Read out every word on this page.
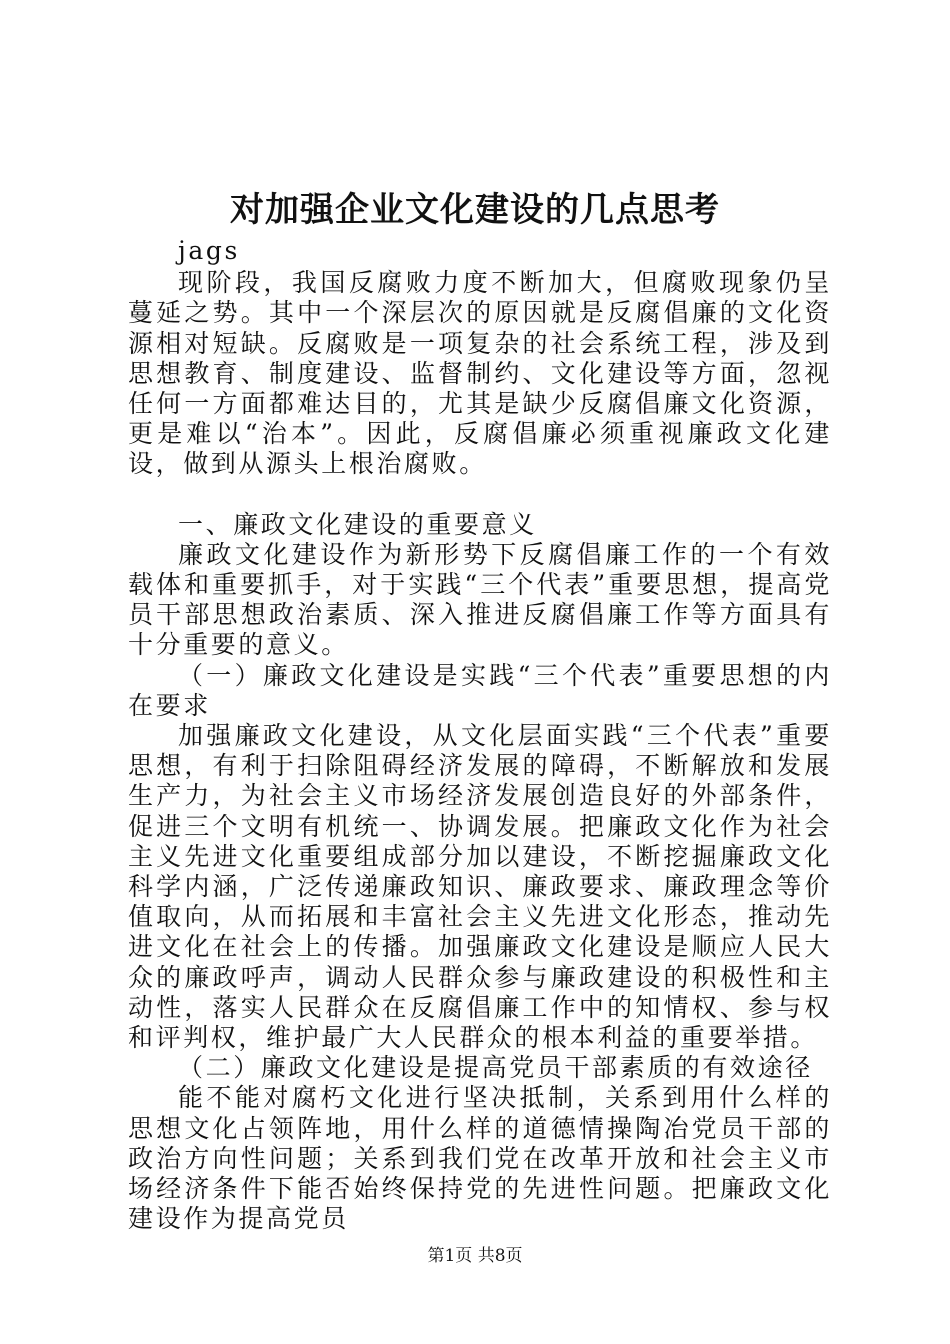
对加强企业文化建设的几点思考

jags

现阶段，我国反腐败力度不断加大，但腐败现象仍呈蔓延之势。其中一个深层次的原因就是反腐倡廉的文化资源相对短缺。反腐败是一项复杂的社会系统工程，涉及到思想教育、制度建设、监督制约、文化建设等方面，忽视任何一方面都难达目的，尤其是缺少反腐倡廉文化资源，更是难以“治本”。因此，反腐倡廉必须重视廉政文化建设，做到从源头上根治腐败。

一、廉政文化建设的重要意义

廉政文化建设作为新形势下反腐倡廉工作的一个有效载体和重要抓手，对于实践“三个代表”重要思想，提高党员干部思想政治素质、深入推进反腐倡廉工作等方面具有十分重要的意义。

（一）廉政文化建设是实践“三个代表”重要思想的内在要求

加强廉政文化建设，从文化层面实践“三个代表”重要思想，有利于扫除阻碍经济发展的障碍，不断解放和发展生产力，为社会主义市场经济发展创造良好的外部条件，促进三个文明有机统一、协调发展。把廉政文化作为社会主义先进文化重要组成部分加以建设，不断挖掘廉政文化科学内涵，广泛传递廉政知识、廉政要求、廉政理念等价值取向，从而拓展和丰富社会主义先进文化形态，推动先进文化在社会上的传播。加强廉政文化建设是顺应人民大众的廉政呼声，调动人民群众参与廉政建设的积极性和主动性，落实人民群众在反腐倡廉工作中的知情权、参与权和评判权，维护最广大人民群众的根本利益的重要举措。

（二）廉政文化建设是提高党员干部素质的有效途径

能不能对腐朽文化进行坚决抵制，关系到用什么样的思想文化占领阵地，用什么样的道德情操陶冶党员干部的政治方向性问题；关系到我们党在改革开放和社会主义市场经济条件下能否始终保持党的先进性问题。把廉政文化建设作为提高党员

第1页 共8页
